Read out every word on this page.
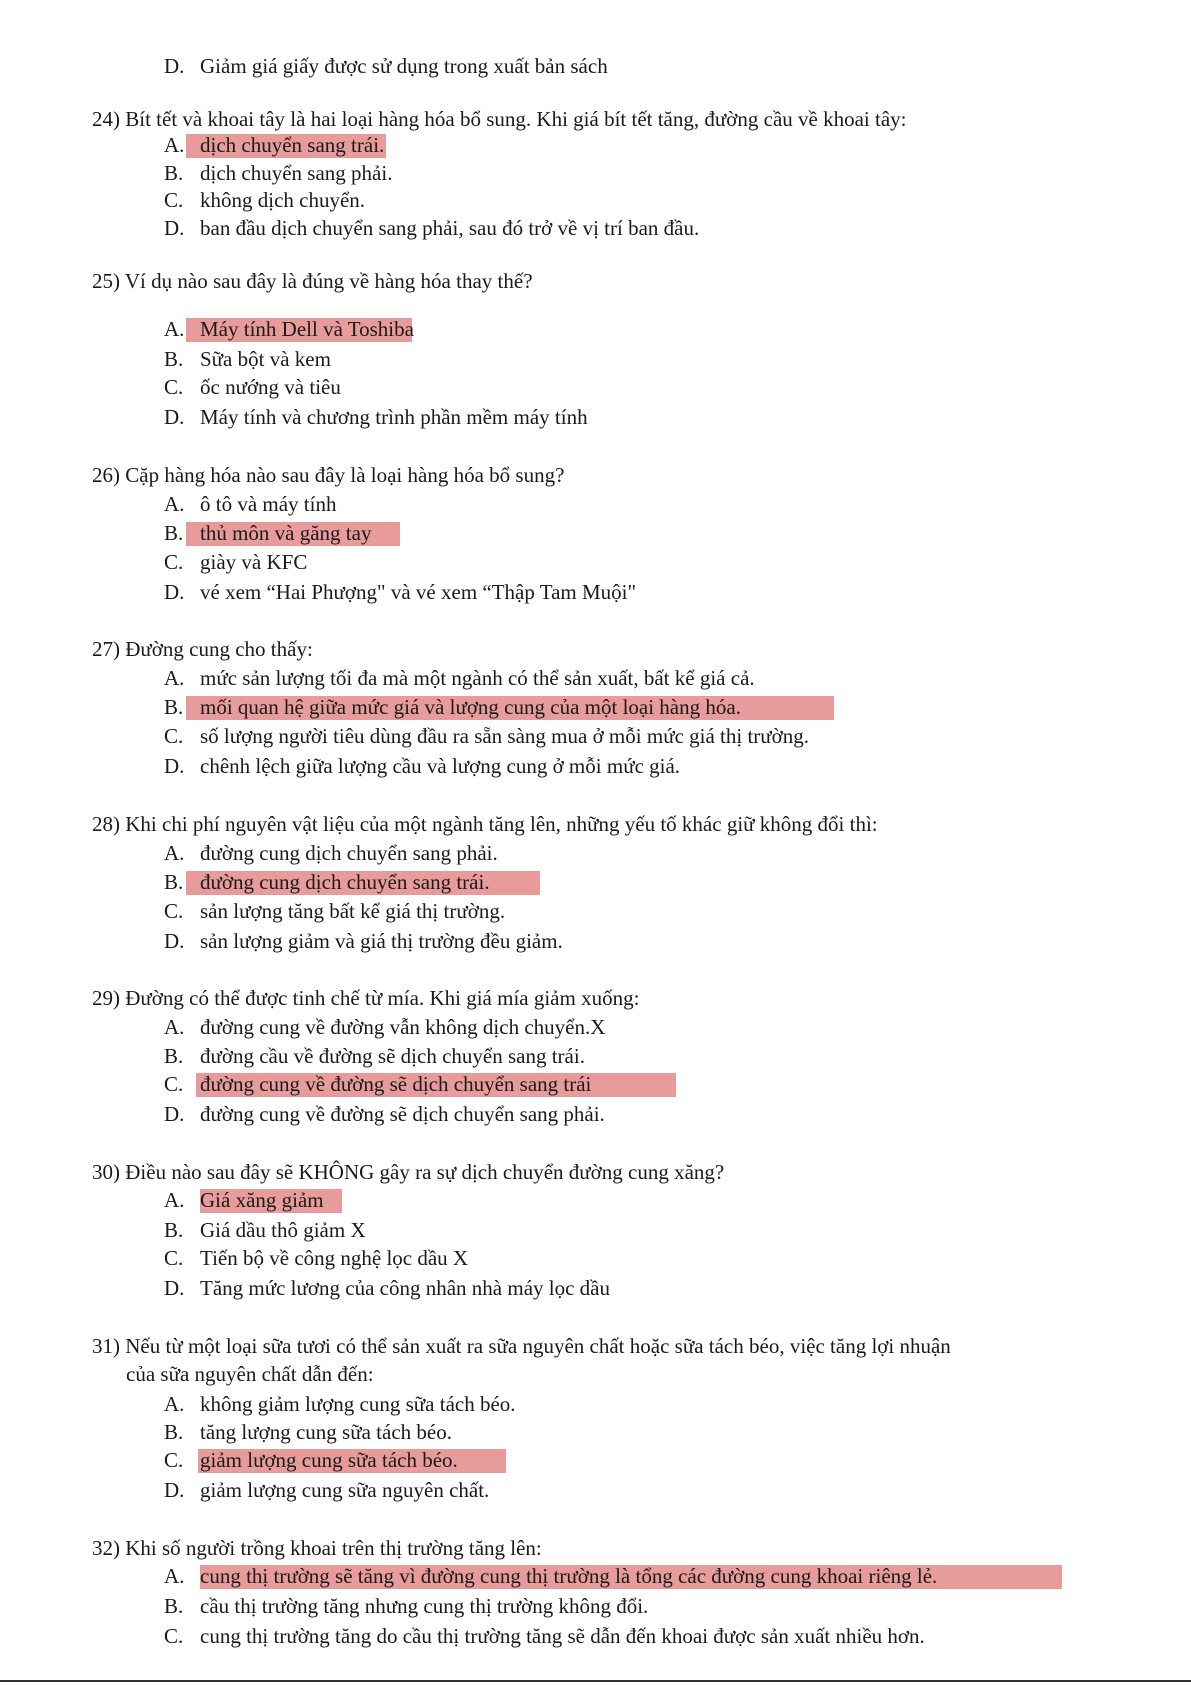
D. Giảm giá giấy được sử dụng trong xuất bản sách
24) Bít tết và khoai tây là hai loại hàng hóa bổ sung. Khi giá bít tết tăng, đường cầu về khoai tây:
A. dịch chuyển sang trái.
B. dịch chuyển sang phải.
C. không dịch chuyển.
D. ban đầu dịch chuyển sang phải, sau đó trở về vị trí ban đầu.
25) Ví dụ nào sau đây là đúng về hàng hóa thay thế?
A. Máy tính Dell và Toshiba
B. Sữa bột và kem
C. ốc nướng và tiêu
D. Máy tính và chương trình phần mềm máy tính
26) Cặp hàng hóa nào sau đây là loại hàng hóa bổ sung?
A. ô tô và máy tính
B. thủ môn và găng tay
C. giày và KFC
D. vé xem “Hai Phượng" và vé xem “Thập Tam Muội"
27) Đường cung cho thấy:
A. mức sản lượng tối đa mà một ngành có thể sản xuất, bất kể giá cả.
B. mối quan hệ giữa mức giá và lượng cung của một loại hàng hóa.
C. số lượng người tiêu dùng đầu ra sẵn sàng mua ở mỗi mức giá thị trường.
D. chênh lệch giữa lượng cầu và lượng cung ở mỗi mức giá.
28) Khi chi phí nguyên vật liệu của một ngành tăng lên, những yếu tố khác giữ không đổi thì:
A. đường cung dịch chuyển sang phải.
B. đường cung dịch chuyển sang trái.
C. sản lượng tăng bất kể giá thị trường.
D. sản lượng giảm và giá thị trường đều giảm.
29) Đường có thể được tinh chế từ mía. Khi giá mía giảm xuống:
A. đường cung về đường vẫn không dịch chuyển.X
B. đường cầu về đường sẽ dịch chuyển sang trái.
C. đường cung về đường sẽ dịch chuyển sang trái
D. đường cung về đường sẽ dịch chuyển sang phải.
30) Điều nào sau đây sẽ KHÔNG gây ra sự dịch chuyển đường cung xăng?
A. Giá xăng giảm
B. Giá dầu thô giảm X
C. Tiến bộ về công nghệ lọc dầu X
D. Tăng mức lương của công nhân nhà máy lọc dầu
31) Nếu từ một loại sữa tươi có thể sản xuất ra sữa nguyên chất hoặc sữa tách béo, việc tăng lợi nhuận
của sữa nguyên chất dẫn đến:
A. không giảm lượng cung sữa tách béo.
B. tăng lượng cung sữa tách béo.
C. giảm lượng cung sữa tách béo.
D. giảm lượng cung sữa nguyên chất.
32) Khi số người trồng khoai trên thị trường tăng lên:
A. cung thị trường sẽ tăng vì đường cung thị trường là tổng các đường cung khoai riêng lẻ.
B. cầu thị trường tăng nhưng cung thị trường không đổi.
C. cung thị trường tăng do cầu thị trường tăng sẽ dẫn đến khoai được sản xuất nhiều hơn.
